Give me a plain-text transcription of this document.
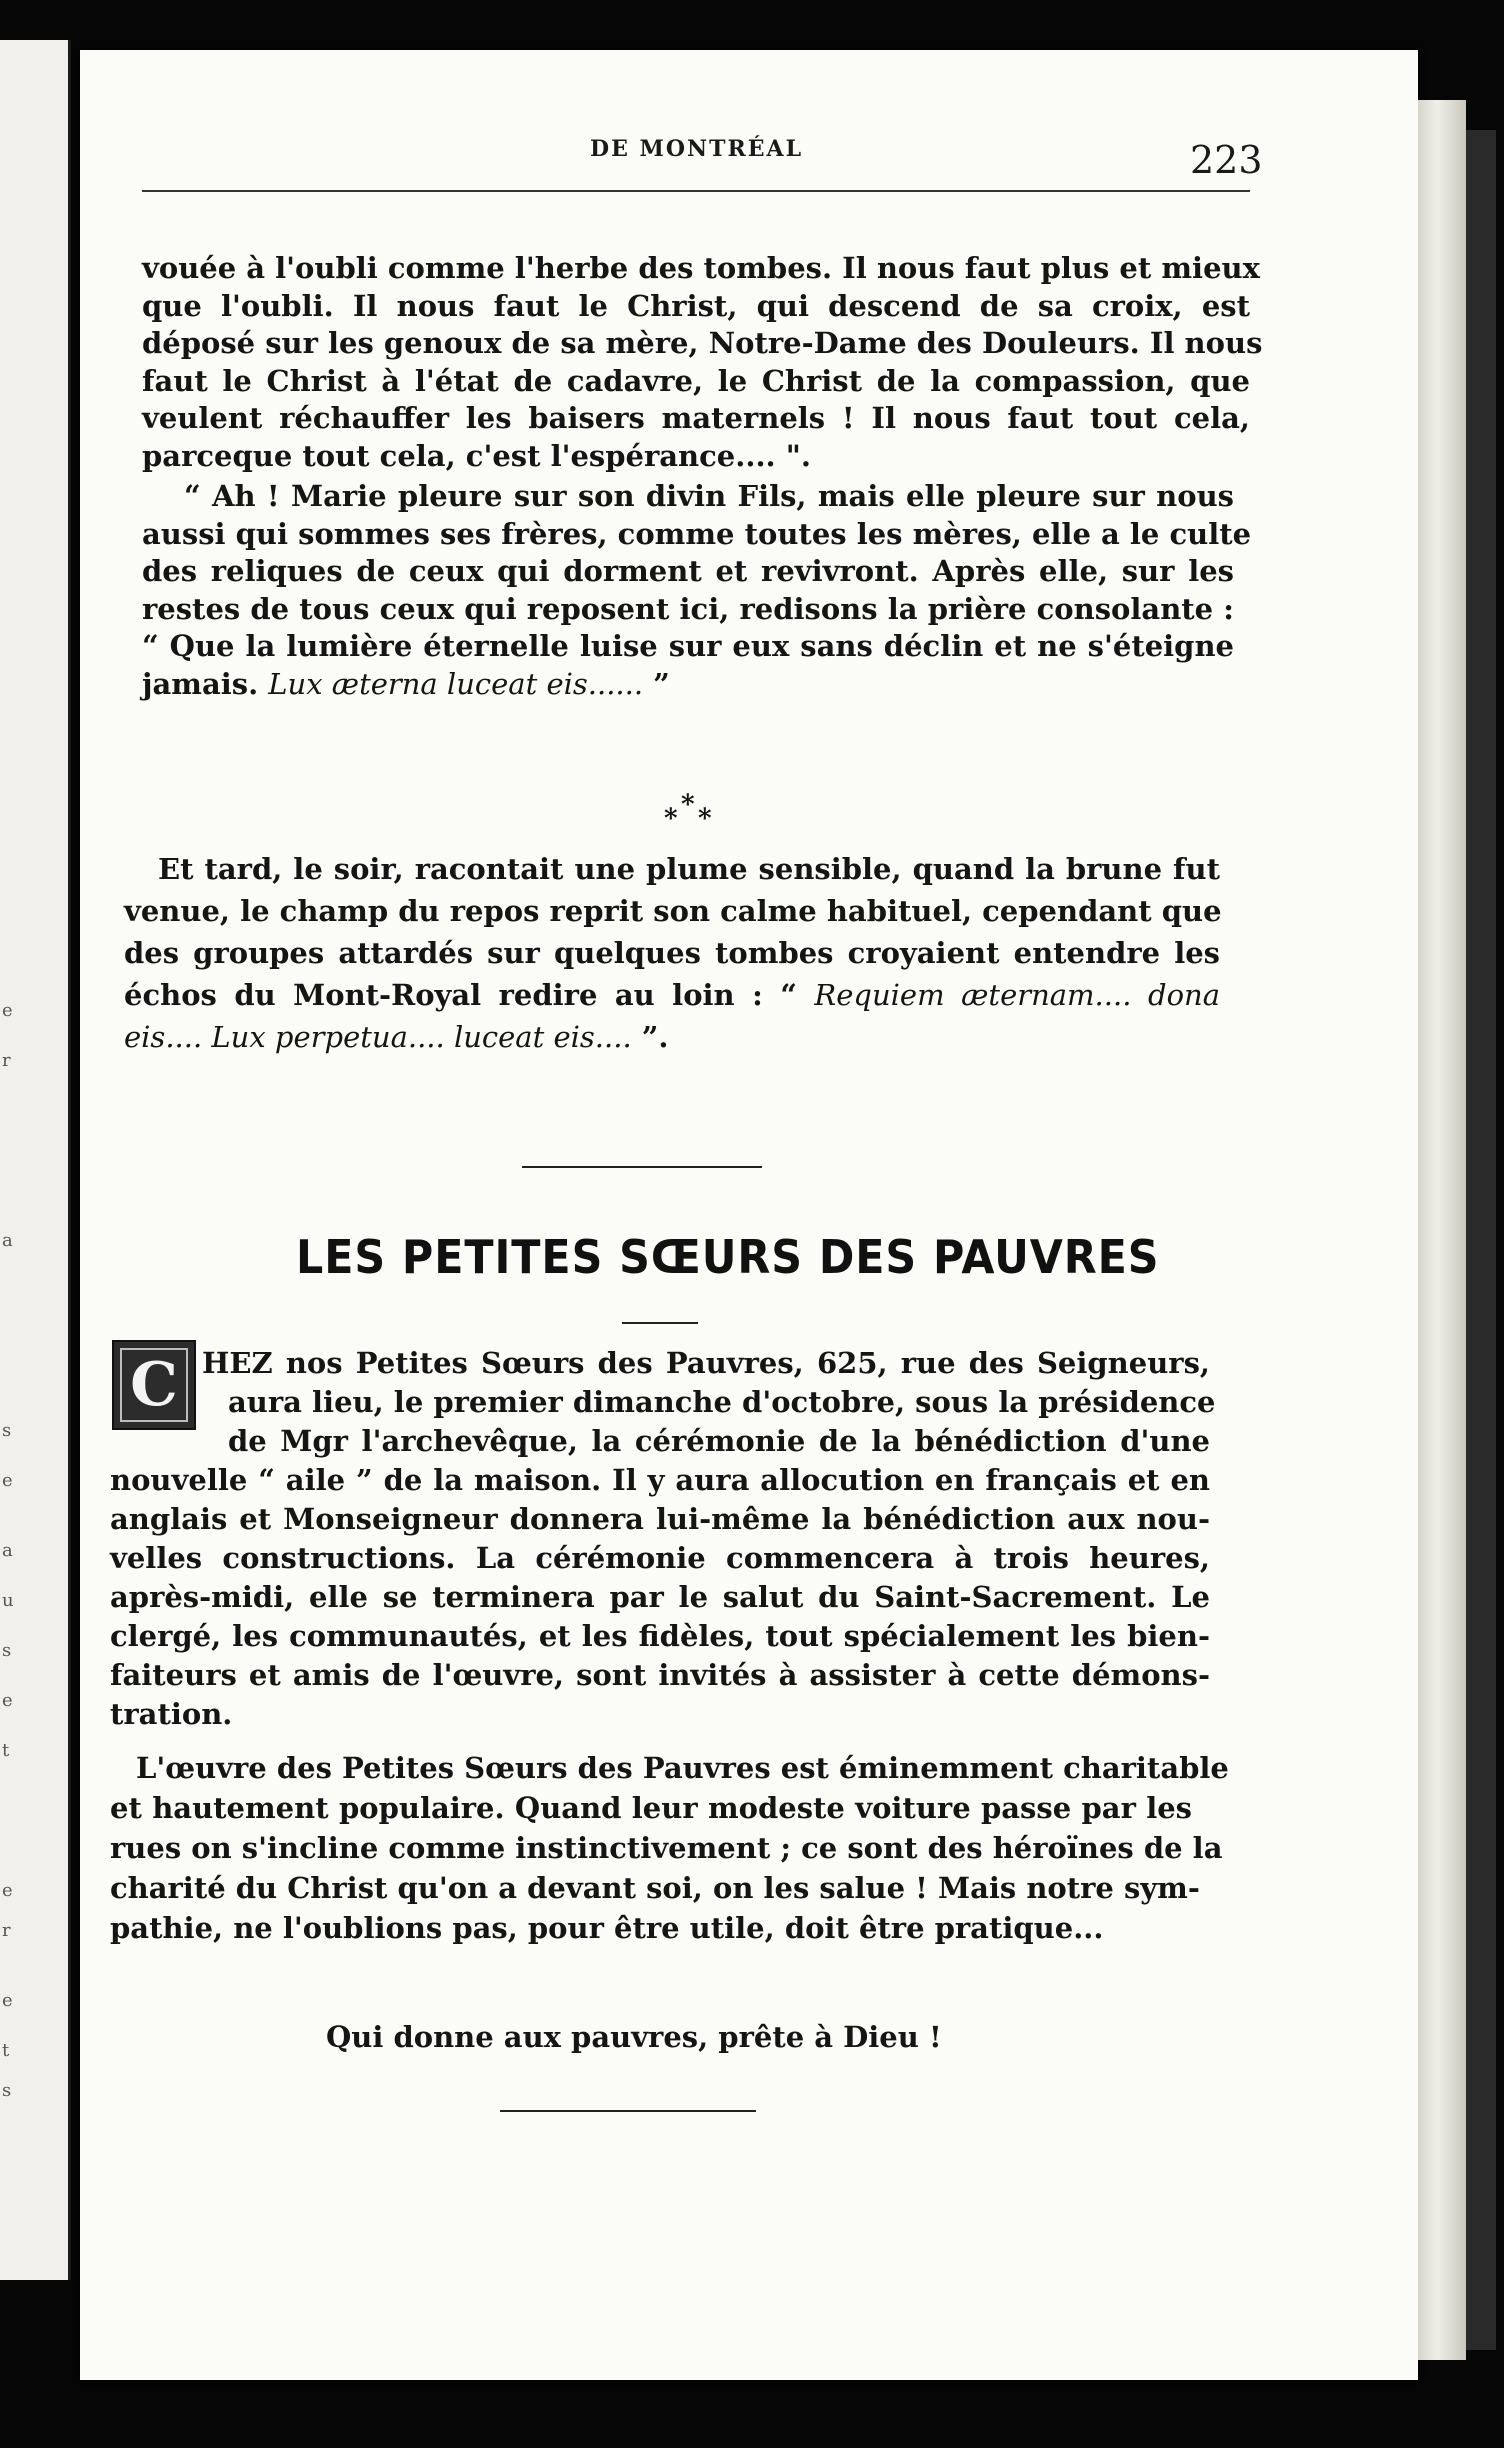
e
r
a
s
e
a
u
s
e
t
e
r
e
t
s
DE MONTRÉAL	223

vouée à l'oubli comme l'herbe des tombes. Il nous faut plus et mieux
que l'oubli. Il nous faut le Christ, qui descend de sa croix, est
déposé sur les genoux de sa mère, Notre-Dame des Douleurs. Il nous
faut le Christ à l'état de cadavre, le Christ de la compassion, que
veulent réchauffer les baisers maternels ! Il nous faut tout cela,
parceque tout cela, c'est l'espérance.... ".

“ Ah ! Marie pleure sur son divin Fils, mais elle pleure sur nous
aussi qui sommes ses frères, comme toutes les mères, elle a le culte
des reliques de ceux qui dorment et revivront. Après elle, sur les
restes de tous ceux qui reposent ici, redisons la prière consolante :
“ Que la lumière éternelle luise sur eux sans déclin et ne s'éteigne
jamais. Lux æterna luceat eis...... ”

*
* *

Et tard, le soir, racontait une plume sensible, quand la brune fut
venue, le champ du repos reprit son calme habituel, cependant que
des groupes attardés sur quelques tombes croyaient entendre les
échos du Mont-Royal redire au loin : “ Requiem æternam.... dona
eis.... Lux perpetua.... luceat eis.... ”.

LES PETITES SŒURS DES PAUVRES
C HEZ nos Petites Sœurs des Pauvres, 625, rue des Seigneurs,
aura lieu, le premier dimanche d'octobre, sous la présidence
de Mgr l'archevêque, la cérémonie de la bénédiction d'une
nouvelle “ aile ” de la maison. Il y aura allocution en français et en
anglais et Monseigneur donnera lui-même la bénédiction aux nou-
velles constructions. La cérémonie commencera à trois heures,
après-midi, elle se terminera par le salut du Saint-Sacrement. Le
clergé, les communautés, et les fidèles, tout spécialement les bien-
faiteurs et amis de l'œuvre, sont invités à assister à cette démons-
tration.

L'œuvre des Petites Sœurs des Pauvres est éminemment charitable
et hautement populaire. Quand leur modeste voiture passe par les
rues on s'incline comme instinctivement ; ce sont des héroïnes de la
charité du Christ qu'on a devant soi, on les salue ! Mais notre sym-
pathie, ne l'oublions pas, pour être utile, doit être pratique...

Qui donne aux pauvres, prête à Dieu !
